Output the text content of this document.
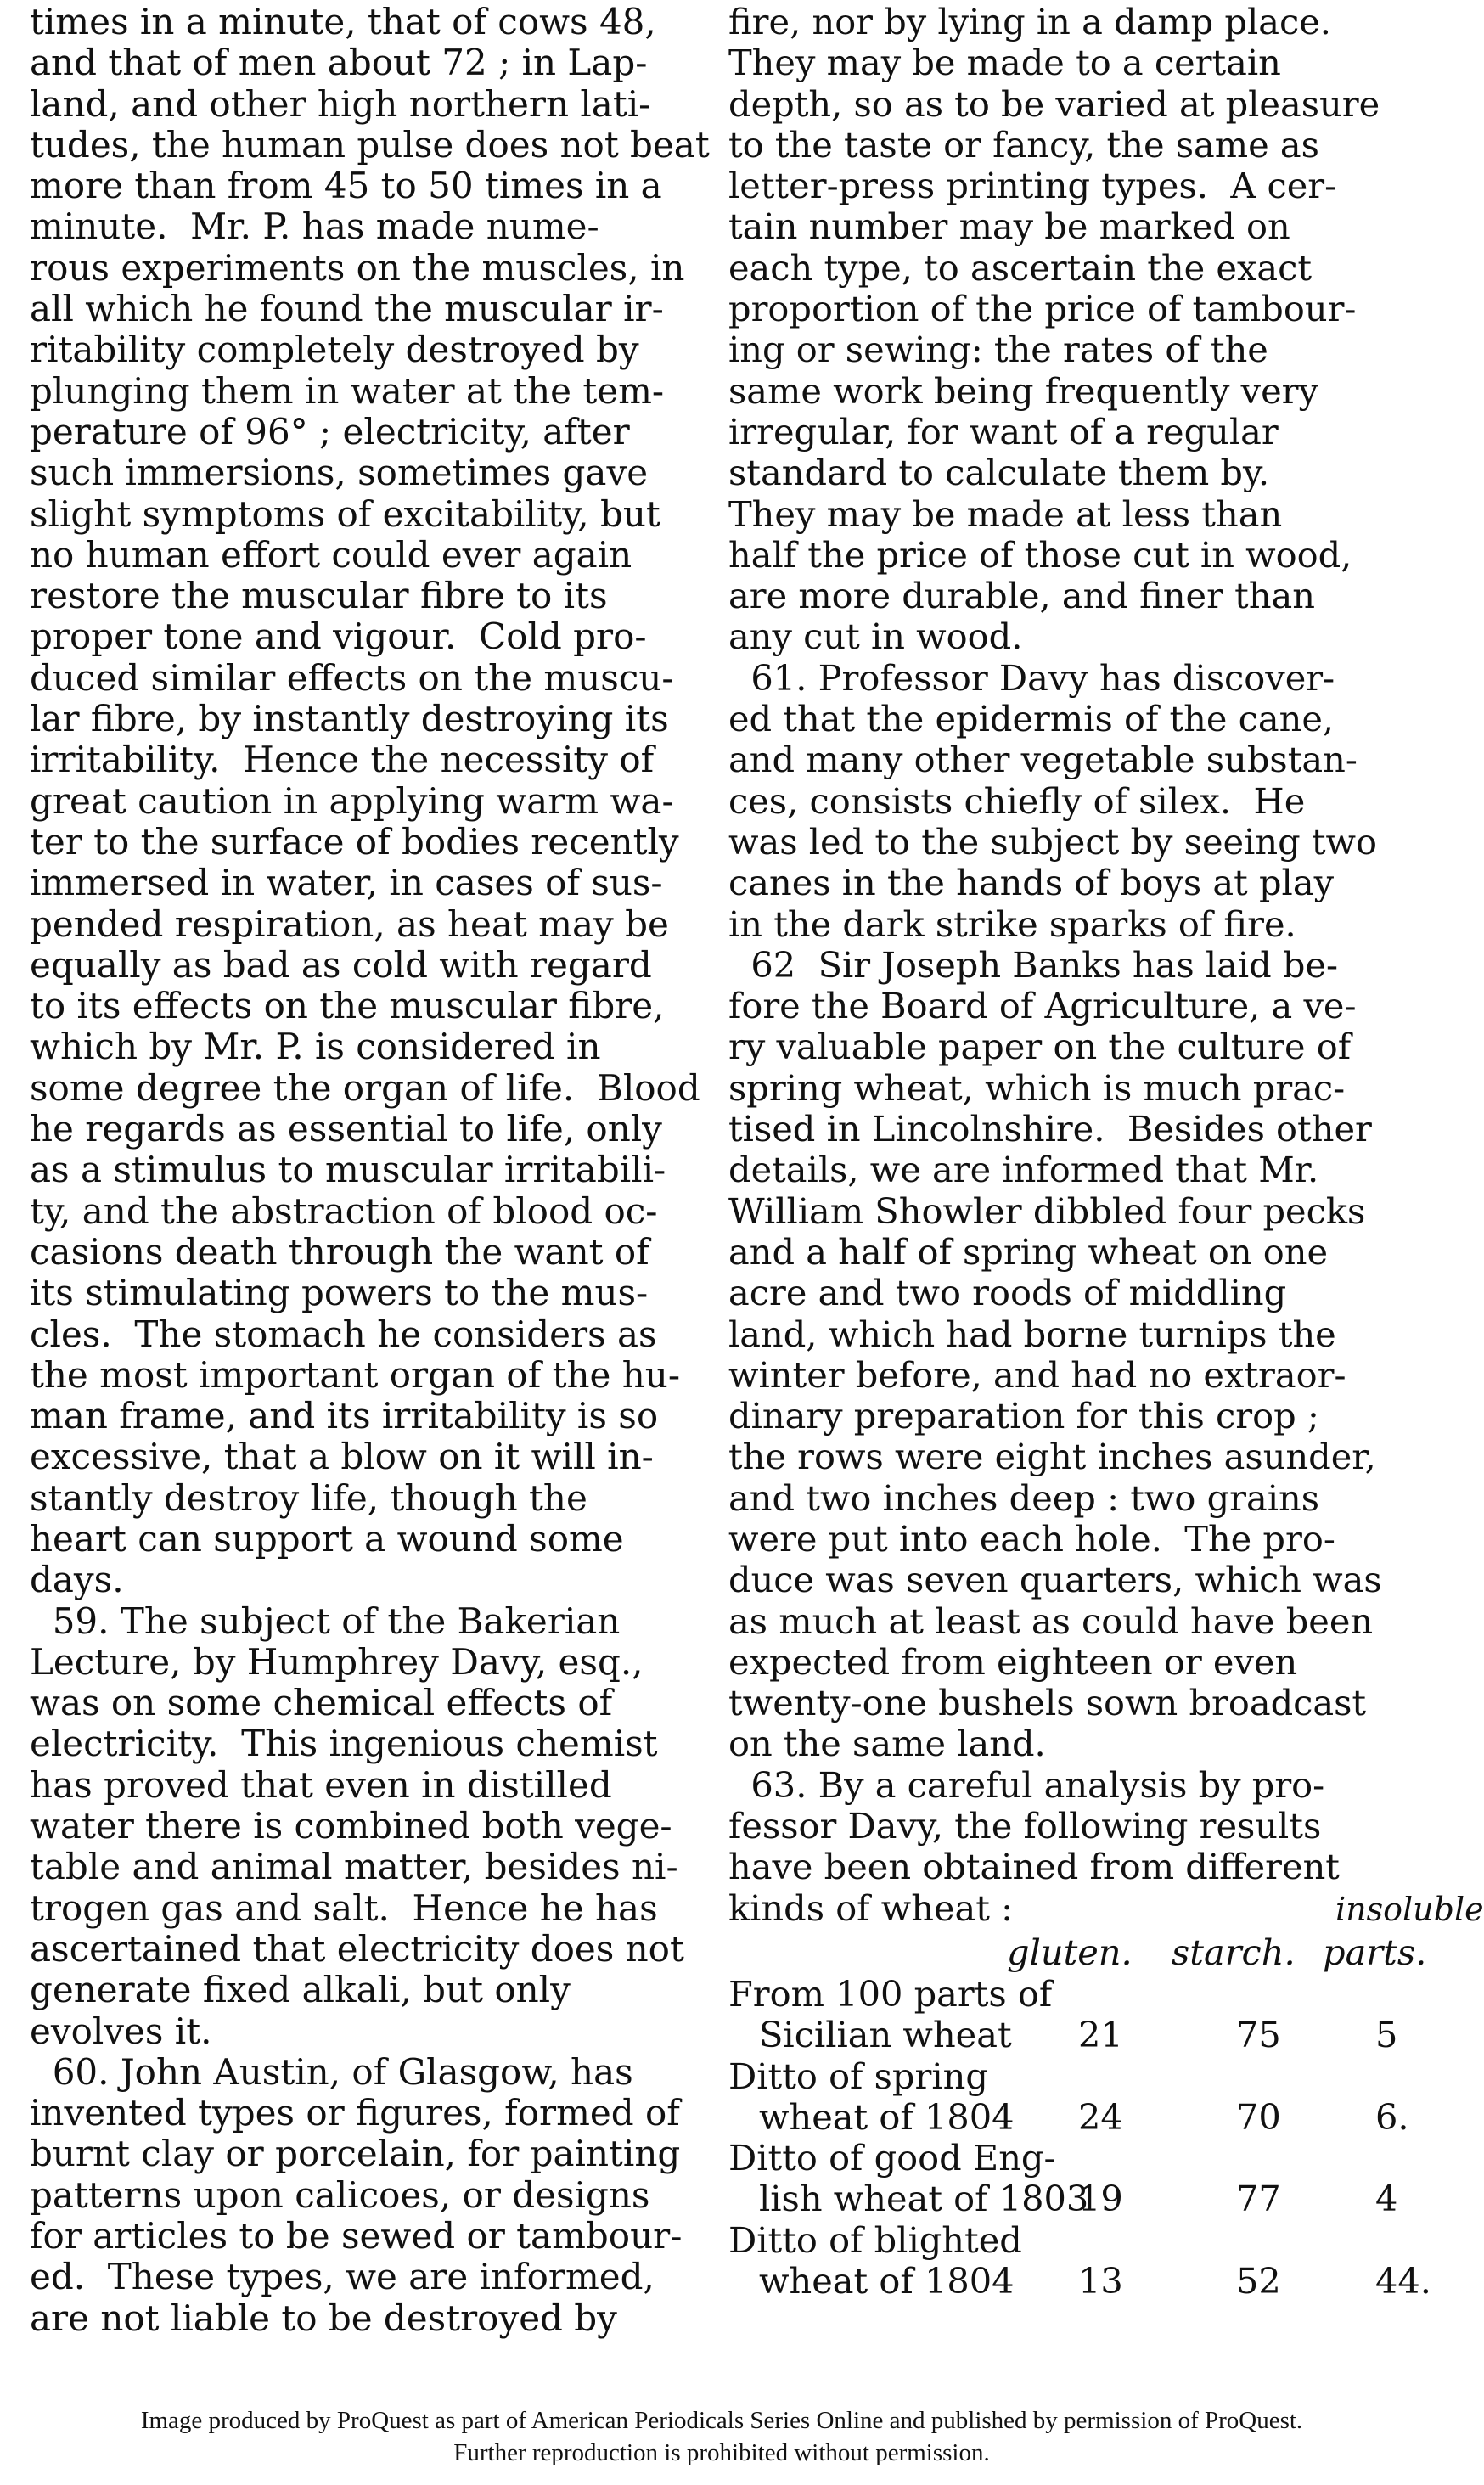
times in a minute, that of cows 48,
and that of men about 72 ; in Lap-
land, and other high northern lati-
tudes, the human pulse does not beat
more than from 45 to 50 times in a
minute.  Mr. P. has made nume-
rous experiments on the muscles, in
all which he found the muscular ir-
ritability completely destroyed by
plunging them in water at the tem-
perature of 96° ; electricity, after
such immersions, sometimes gave
slight symptoms of excitability, but
no human effort could ever again
restore the muscular fibre to its
proper tone and vigour.  Cold pro-
duced similar effects on the muscu-
lar fibre, by instantly destroying its
irritability.  Hence the necessity of
great caution in applying warm wa-
ter to the surface of bodies recently
immersed in water, in cases of sus-
pended respiration, as heat may be
equally as bad as cold with regard
to its effects on the muscular fibre,
which by Mr. P. is considered in
some degree the organ of life.  Blood
he regards as essential to life, only
as a stimulus to muscular irritabili-
ty, and the abstraction of blood oc-
casions death through the want of
its stimulating powers to the mus-
cles.  The stomach he considers as
the most important organ of the hu-
man frame, and its irritability is so
excessive, that a blow on it will in-
stantly destroy life, though the
heart can support a wound some
days.
59. The subject of the Bakerian
Lecture, by Humphrey Davy, esq.,
was on some chemical effects of
electricity.  This ingenious chemist
has proved that even in distilled
water there is combined both vege-
table and animal matter, besides ni-
trogen gas and salt.  Hence he has
ascertained that electricity does not
generate fixed alkali, but only
evolves it.
60. John Austin, of Glasgow, has
invented types or figures, formed of
burnt clay or porcelain, for painting
patterns upon calicoes, or designs
for articles to be sewed or tambour-
ed.  These types, we are informed,
are not liable to be destroyed by
fire, nor by lying in a damp place.
They may be made to a certain
depth, so as to be varied at pleasure
to the taste or fancy, the same as
letter-press printing types.  A cer-
tain number may be marked on
each type, to ascertain the exact
proportion of the price of tambour-
ing or sewing: the rates of the
same work being frequently very
irregular, for want of a regular
standard to calculate them by.
They may be made at less than
half the price of those cut in wood,
are more durable, and finer than
any cut in wood.
61. Professor Davy has discover-
ed that the epidermis of the cane,
and many other vegetable substan-
ces, consists chiefly of silex.  He
was led to the subject by seeing two
canes in the hands of boys at play
in the dark strike sparks of fire.
62  Sir Joseph Banks has laid be-
fore the Board of Agriculture, a ve-
ry valuable paper on the culture of
spring wheat, which is much prac-
tised in Lincolnshire.  Besides other
details, we are informed that Mr.
William Showler dibbled four pecks
and a half of spring wheat on one
acre and two roods of middling
land, which had borne turnips the
winter before, and had no extraor-
dinary preparation for this crop ;
the rows were eight inches asunder,
and two inches deep : two grains
were put into each hole.  The pro-
duce was seven quarters, which was
as much at least as could have been
expected from eighteen or even
twenty-one bushels sown broadcast
on the same land.
63. By a careful analysis by pro-
fessor Davy, the following results
have been obtained from different
kinds of wheat :	insoluble
gluten. starch. parts.
From 100 parts of
Sicilian wheat 21	75	5
Ditto of spring
wheat of 1804 24	70	6.
Ditto of good Eng-
lish wheat of 1803
19	77	4
Ditto of blighted
wheat of 1804 13	52	44.
Image produced by ProQuest as part of American Periodicals Series Online and published by permission of ProQuest.
Further reproduction is prohibited without permission.
